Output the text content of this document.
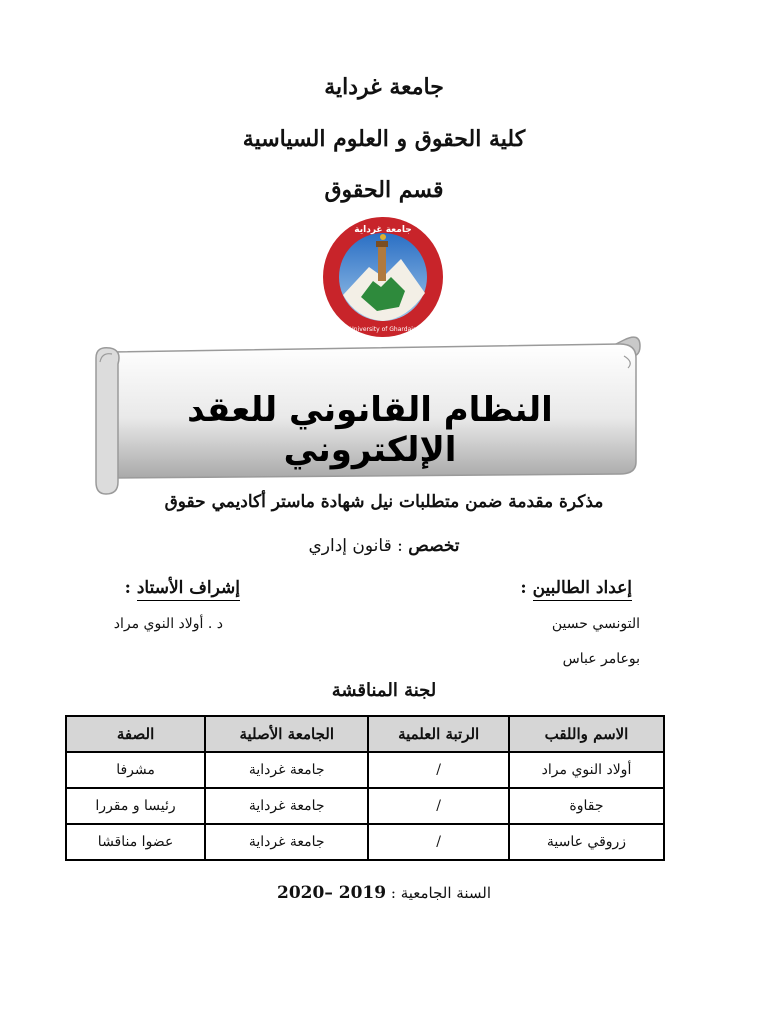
جامعة غرداية
كلية الحقوق و العلوم السياسية
قسم الحقوق
جامعة غرداية
University of Ghardaia
النظام القانوني للعقد الإلكتروني
مذكرة مقدمة ضمن متطلبات نيل شهادة ماستر أكاديمي حقوق
تخصص : قانون إداري
إعداد الطالبين :
إشراف الأستاد :
التونسي حسين
بوعامر عباس
د . أولاد النوي مراد
لجنة المناقشة
الاسم واللقب	الرتبة العلمية	الجامعة الأصلية	الصفة
أولاد النوي مراد	/	جامعة غرداية	مشرفا
جقاوة	/	جامعة غرداية	رئيسا و مقررا
زروقي عاسية	/	جامعة غرداية	عضوا مناقشا
السنة الجامعية : 2019 –2020
